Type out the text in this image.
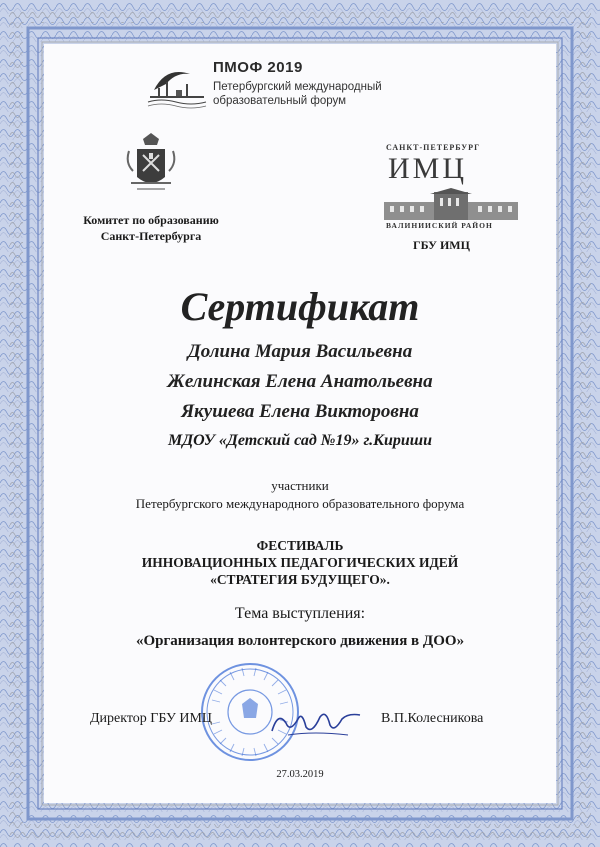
ПМОФ 2019
Петербургский международный
образовательный форум
Комитет по образованию
Санкт-Петербурга
САНКТ-ПЕТЕРБУРГ
ИМЦ
ВАЛИНИИСКИЙ РАЙОН
ГБУ ИМЦ
Сертификат
Долина Мария Васильевна
Желинская Елена Анатольевна
Якушева Елена Викторовна
МДОУ «Детский сад №19» г.Кириши
участники
Петербургского международного образовательного форума
ФЕСТИВАЛЬ
ИННОВАЦИОННЫХ ПЕДАГОГИЧЕСКИХ ИДЕЙ
«СТРАТЕГИЯ БУДУЩЕГО».
Тема выступления:
«Организация волонтерского движения в ДОО»
Директор ГБУ ИМЦ	В.П.Колесникова
27.03.2019
